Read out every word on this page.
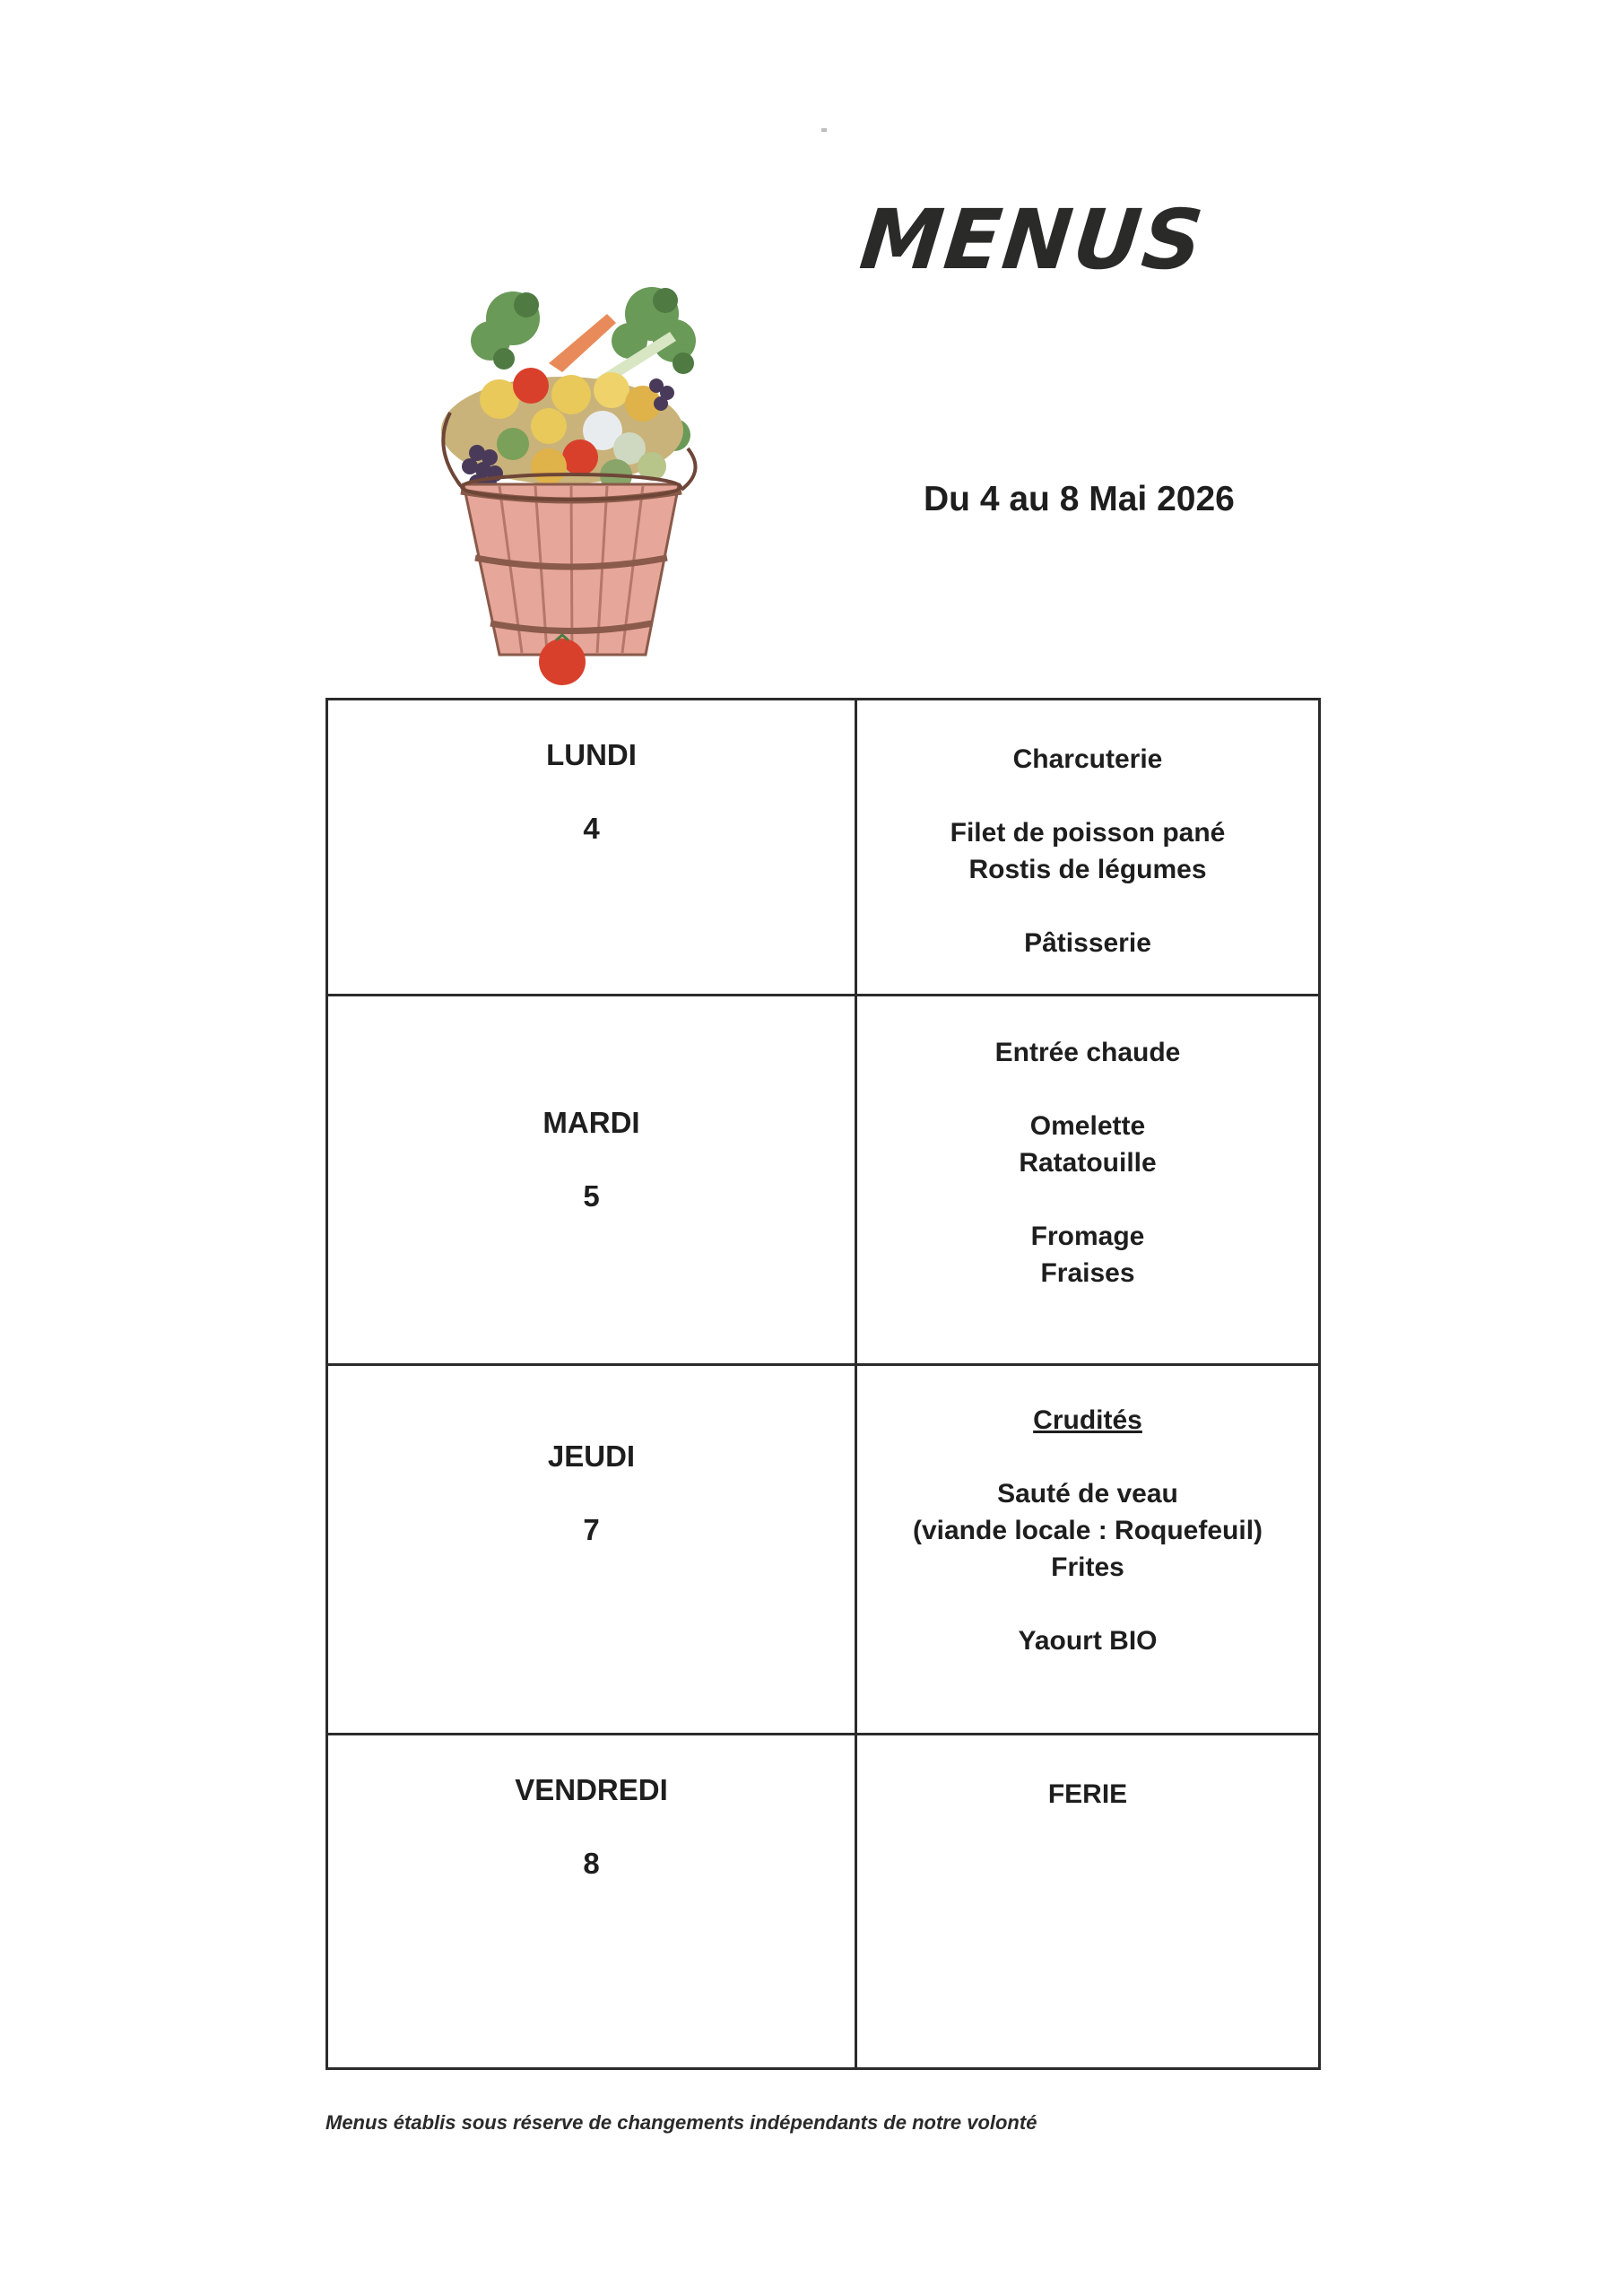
MENUS
Du 4 au 8 Mai 2026
LUNDI
4
Charcuterie
Filet de poisson pané
Rostis de légumes
Pâtisserie
MARDI
5
Entrée chaude
Omelette
Ratatouille
Fromage
Fraises
JEUDI
7
Crudités
Sauté de veau
(viande locale : Roquefeuil)
Frites
Yaourt BIO
VENDREDI
8
FERIE
Menus établis sous réserve de changements indépendants de notre volonté
